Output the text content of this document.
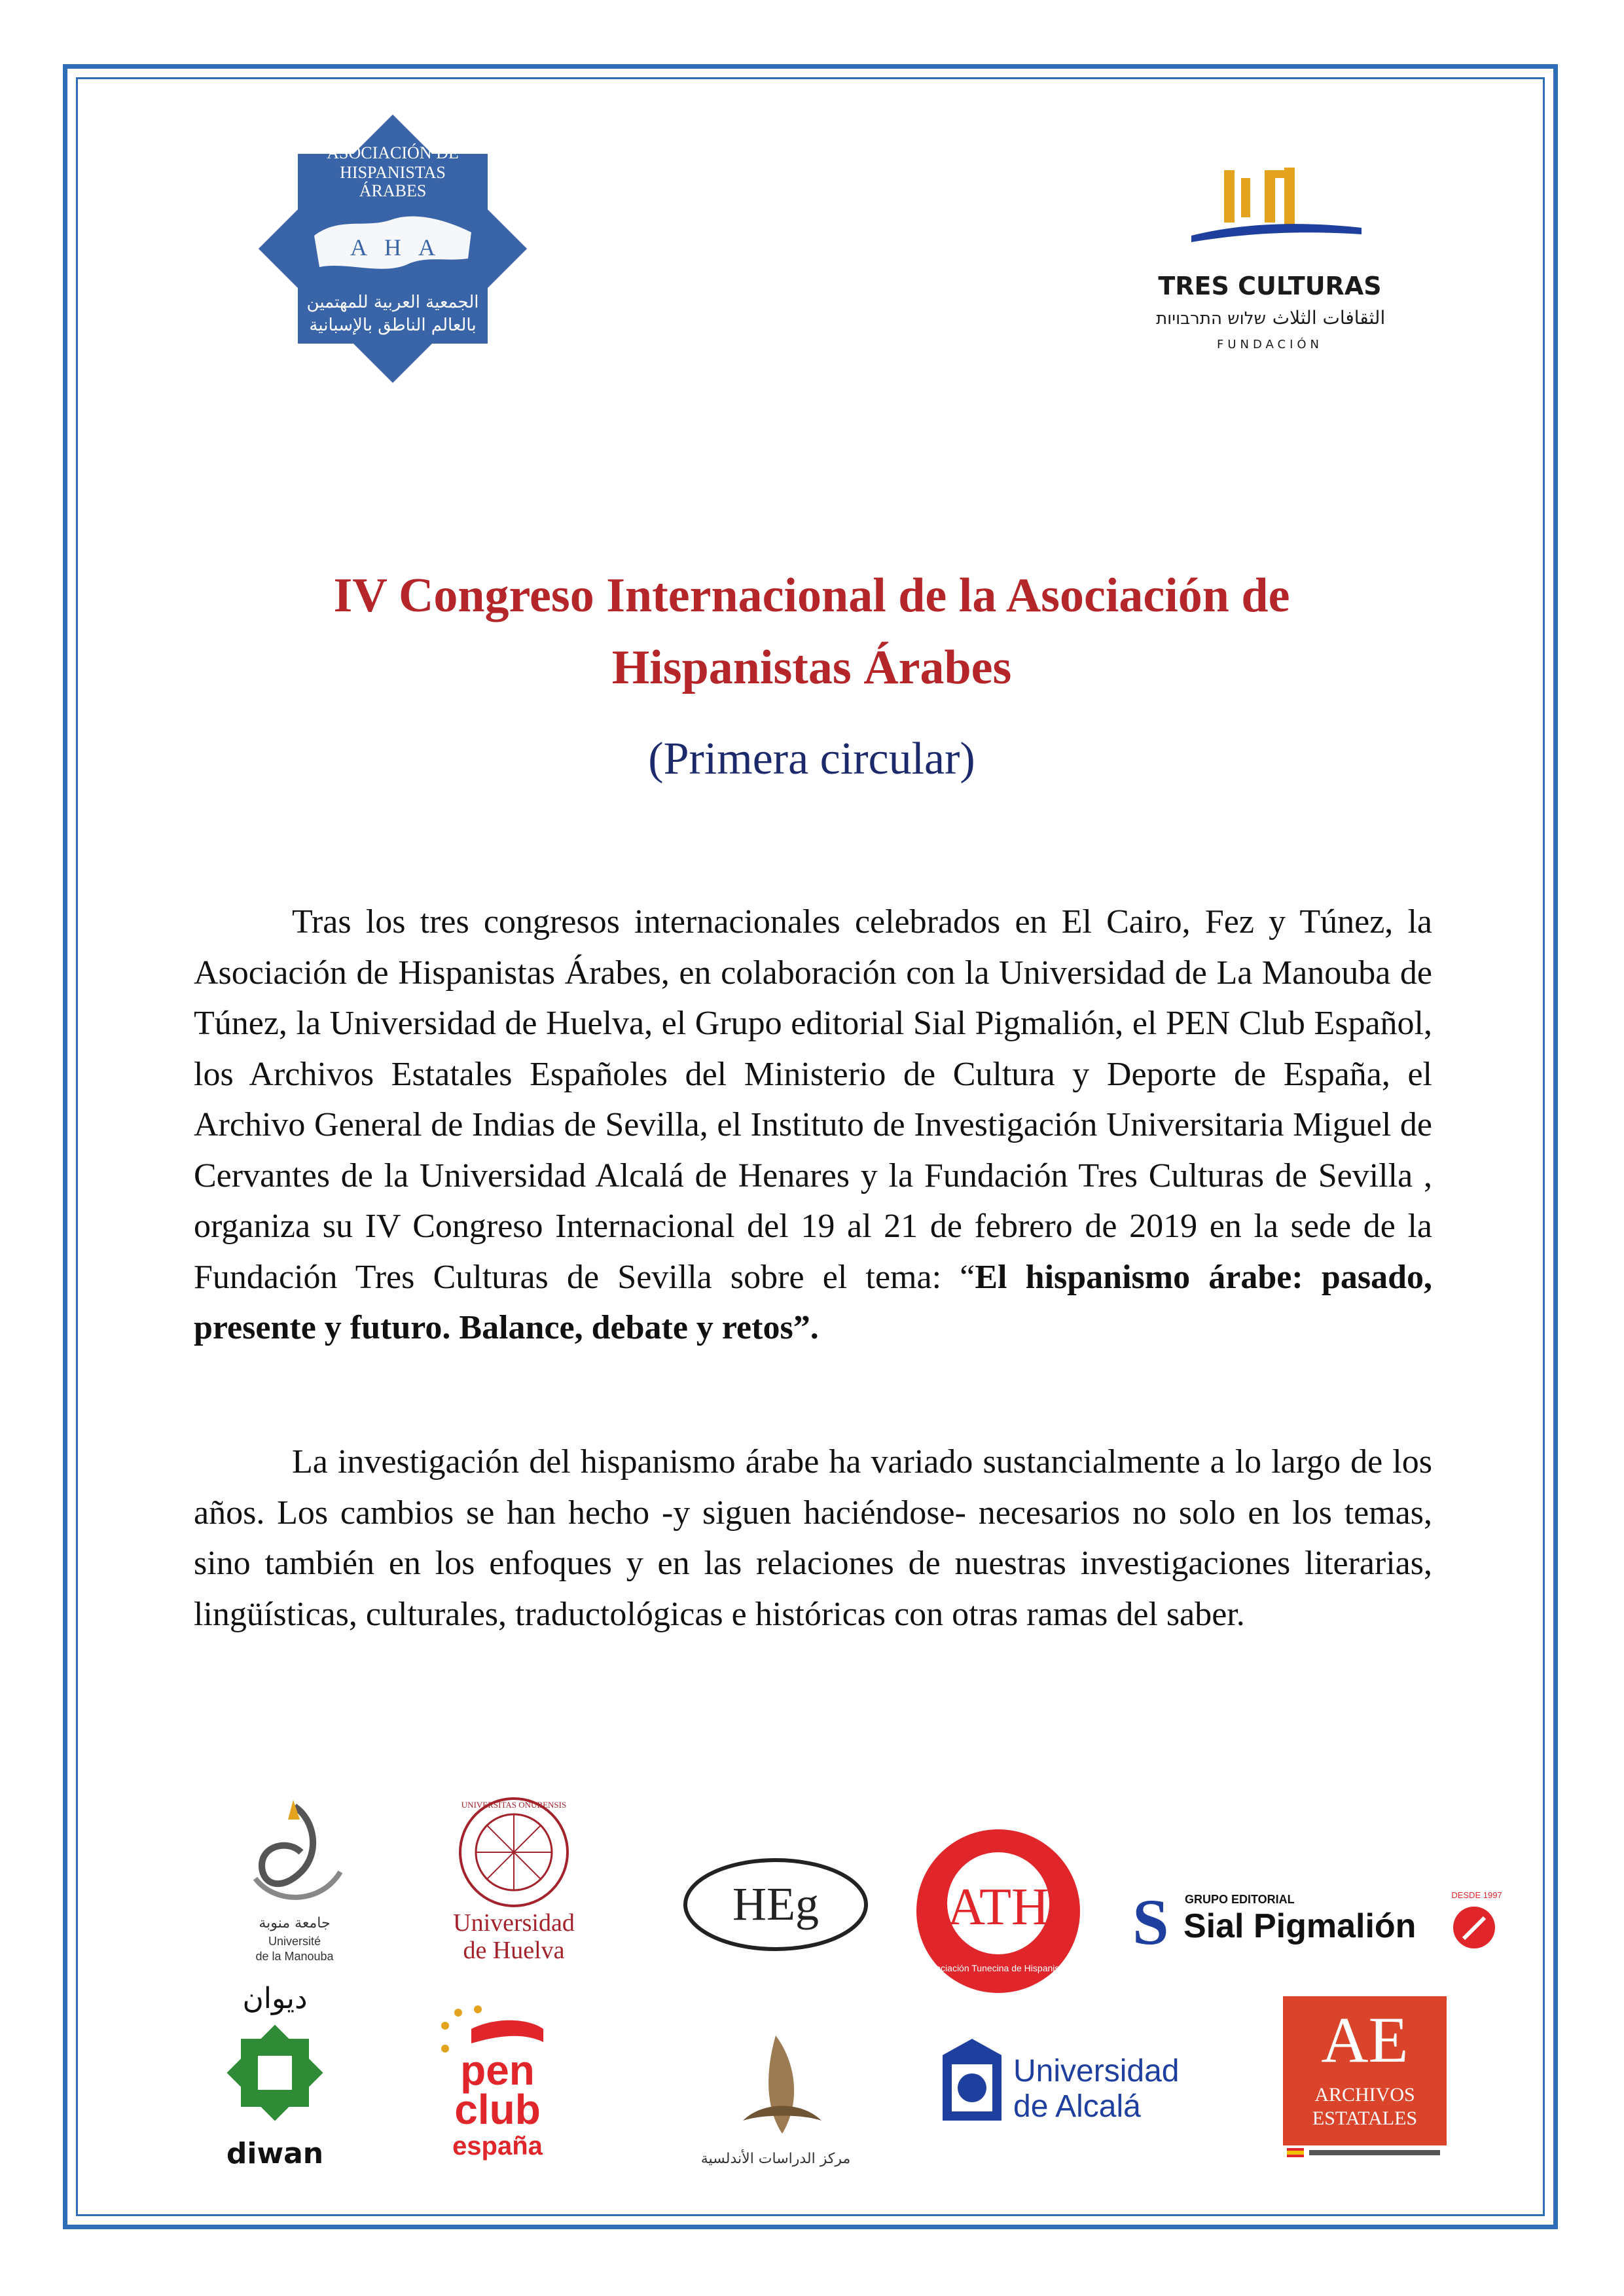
ASOCIACIÓN DE
HISPANISTAS
ÁRABES
A H A
الجمعية العربية للمهتمين
بالعالم الناطق بالإسبانية
TRES CULTURAS
שלוש התרבויות الثقافات الثلاث
FUNDACIÓN
IV Congreso Internacional de la Asociación de
Hispanistas Árabes
(Primera circular)
Tras los tres congresos internacionales celebrados en El Cairo, Fez y Túnez, la Asociación de Hispanistas Árabes, en colaboración con la Universidad de La Manouba de Túnez, la Universidad de Huelva, el Grupo editorial Sial Pigmalión, el PEN Club Español, los Archivos Estatales Españoles del Ministerio de Cultura y Deporte de España, el Archivo General de Indias de Sevilla, el Instituto de Investigación Universitaria Miguel de Cervantes de la Universidad Alcalá de Henares y la Fundación Tres Culturas de Sevilla , organiza su IV Congreso Internacional del 19 al 21 de febrero de 2019 en la sede de la Fundación Tres Culturas de Sevilla sobre el tema: “El hispanismo árabe: pasado, presente y futuro. Balance, debate y retos”.
La investigación del hispanismo árabe ha variado sustancialmente a lo largo de los años. Los cambios se han hecho -y siguen haciéndose- necesarios no solo en los temas, sino también en los enfoques y en las relaciones de nuestras investigaciones literarias, lingüísticas, culturales, traductológicas e históricas con otras ramas del saber.
جامعة منوبة
Université
de la Manouba
UNIVERSITAS ONUBENSIS
Universidad
de Huelva
HEg ATH
Asociación Tunecina de Hispanistas
S GRUPO EDITORIAL
Sial Pigmalión
DESDE 1997
ديوان
diwan
pen
club
españa	مركز الدراسات الأندلسية
Universidad
de Alcalá
AE
ARCHIVOS
ESTATALES
